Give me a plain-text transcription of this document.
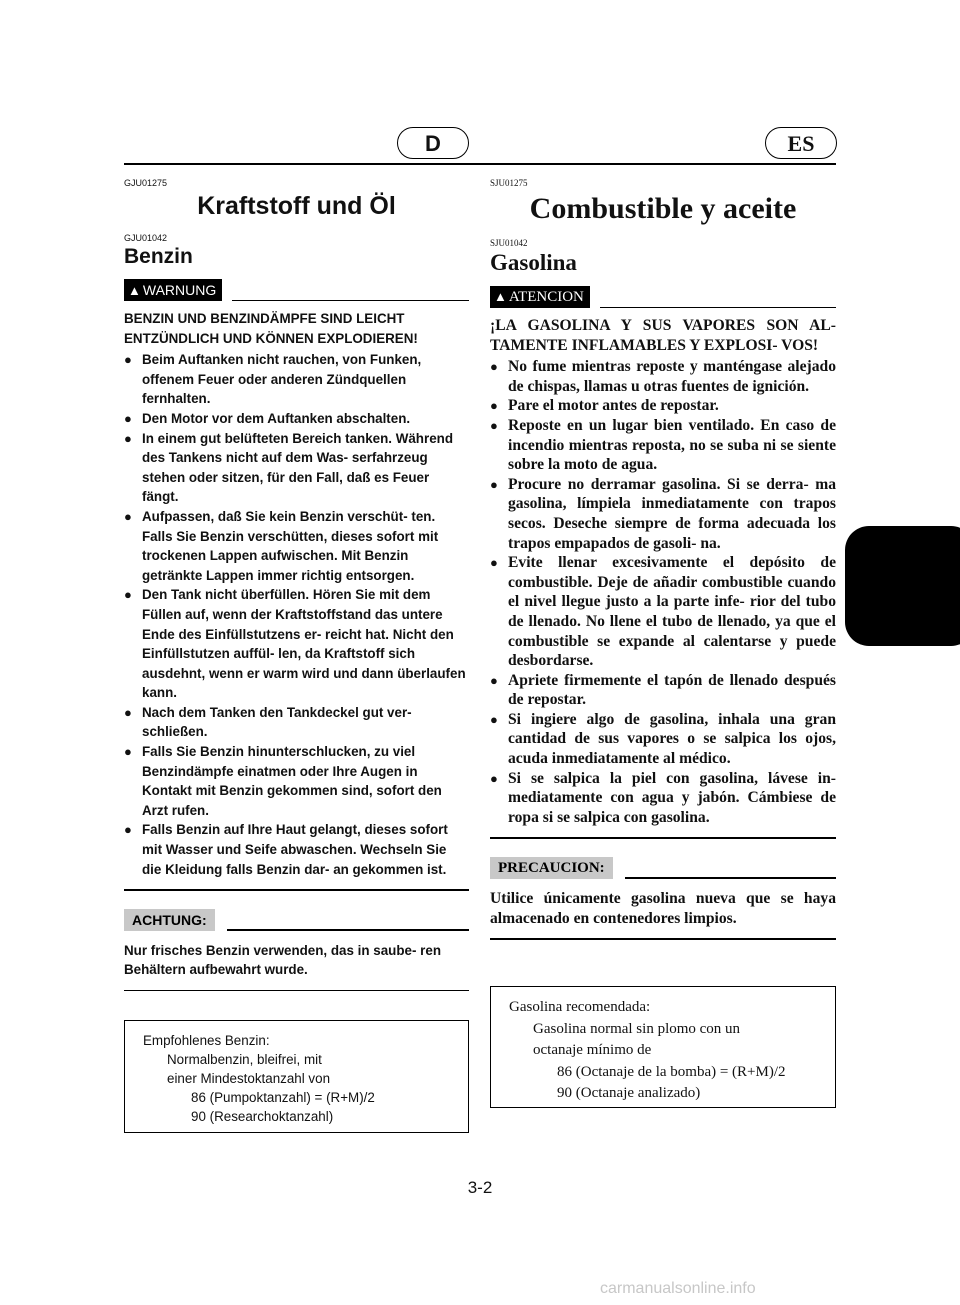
D	ES

GJU01275

Kraftstoff und Öl

GJU01042

Benzin
▲ WARNUNG

BENZIN UND BENZINDÄMPFE SIND LEICHT ENTZÜNDLICH UND KÖNNEN EXPLODIEREN!

● Beim Auftanken nicht rauchen, von Funken, offenem Feuer oder anderen Zündquellen fernhalten.
● Den Motor vor dem Auftanken abschalten.
● In einem gut belüfteten Bereich tanken. Während des Tankens nicht auf dem Was- serfahrzeug stehen oder sitzen, für den Fall, daß es Feuer fängt.
● Aufpassen, daß Sie kein Benzin verschüt- ten. Falls Sie Benzin verschütten, dieses sofort mit trockenen Lappen aufwischen. Mit Benzin getränkte Lappen immer richtig entsorgen.
● Den Tank nicht überfüllen. Hören Sie mit dem Füllen auf, wenn der Kraftstoffstand das untere Ende des Einfüllstutzens er- reicht hat. Nicht den Einfüllstutzen auffül- len, da Kraftstoff sich ausdehnt, wenn er warm wird und dann überlaufen kann.
● Nach dem Tanken den Tankdeckel gut ver- schließen.
● Falls Sie Benzin hinunterschlucken, zu viel Benzindämpfe einatmen oder Ihre Augen in Kontakt mit Benzin gekommen sind, sofort den Arzt rufen.
● Falls Benzin auf Ihre Haut gelangt, dieses sofort mit Wasser und Seife abwaschen. Wechseln Sie die Kleidung falls Benzin dar- an gekommen ist.
ACHTUNG:

Nur frisches Benzin verwenden, das in saube- ren Behältern aufbewahrt wurde.

Empfohlenes Benzin:
Normalbenzin, bleifrei, mit
einer Mindestoktanzahl von
86 (Pumpoktanzahl) = (R+M)/2
90 (Researchoktanzahl)

SJU01275

Combustible y aceite

SJU01042

Gasolina
▲ ATENCION

¡LA GASOLINA Y SUS VAPORES SON AL- TAMENTE INFLAMABLES Y EXPLOSI- VOS!

● No fume mientras reposte y manténgase alejado de chispas, llamas u otras fuentes de ignición.
● Pare el motor antes de repostar.
● Reposte en un lugar bien ventilado. En caso de incendio mientras reposta, no se suba ni se siente sobre la moto de agua.
● Procure no derramar gasolina. Si se derra- ma gasolina, límpiela inmediatamente con trapos secos. Deseche siempre de forma adecuada los trapos empapados de gasoli- na.
● Evite llenar excesivamente el depósito de combustible. Deje de añadir combustible cuando el nivel llegue justo a la parte infe- rior del tubo de llenado. No llene el tubo de llenado, ya que el combustible se expande al calentarse y puede desbordarse.
● Apriete firmemente el tapón de llenado después de repostar.
● Si ingiere algo de gasolina, inhala una gran cantidad de sus vapores o se salpica los ojos, acuda inmediatamente al médico.
● Si se salpica la piel con gasolina, lávese in- mediatamente con agua y jabón. Cámbiese de ropa si se salpica con gasolina.
PRECAUCION:

Utilice únicamente gasolina nueva que se haya almacenado en contenedores limpios.

Gasolina recomendada:
Gasolina normal sin plomo con un
octanaje mínimo de
86 (Octanaje de la bomba) = (R+M)/2
90 (Octanaje analizado)
3-2
carmanualsonline.info
